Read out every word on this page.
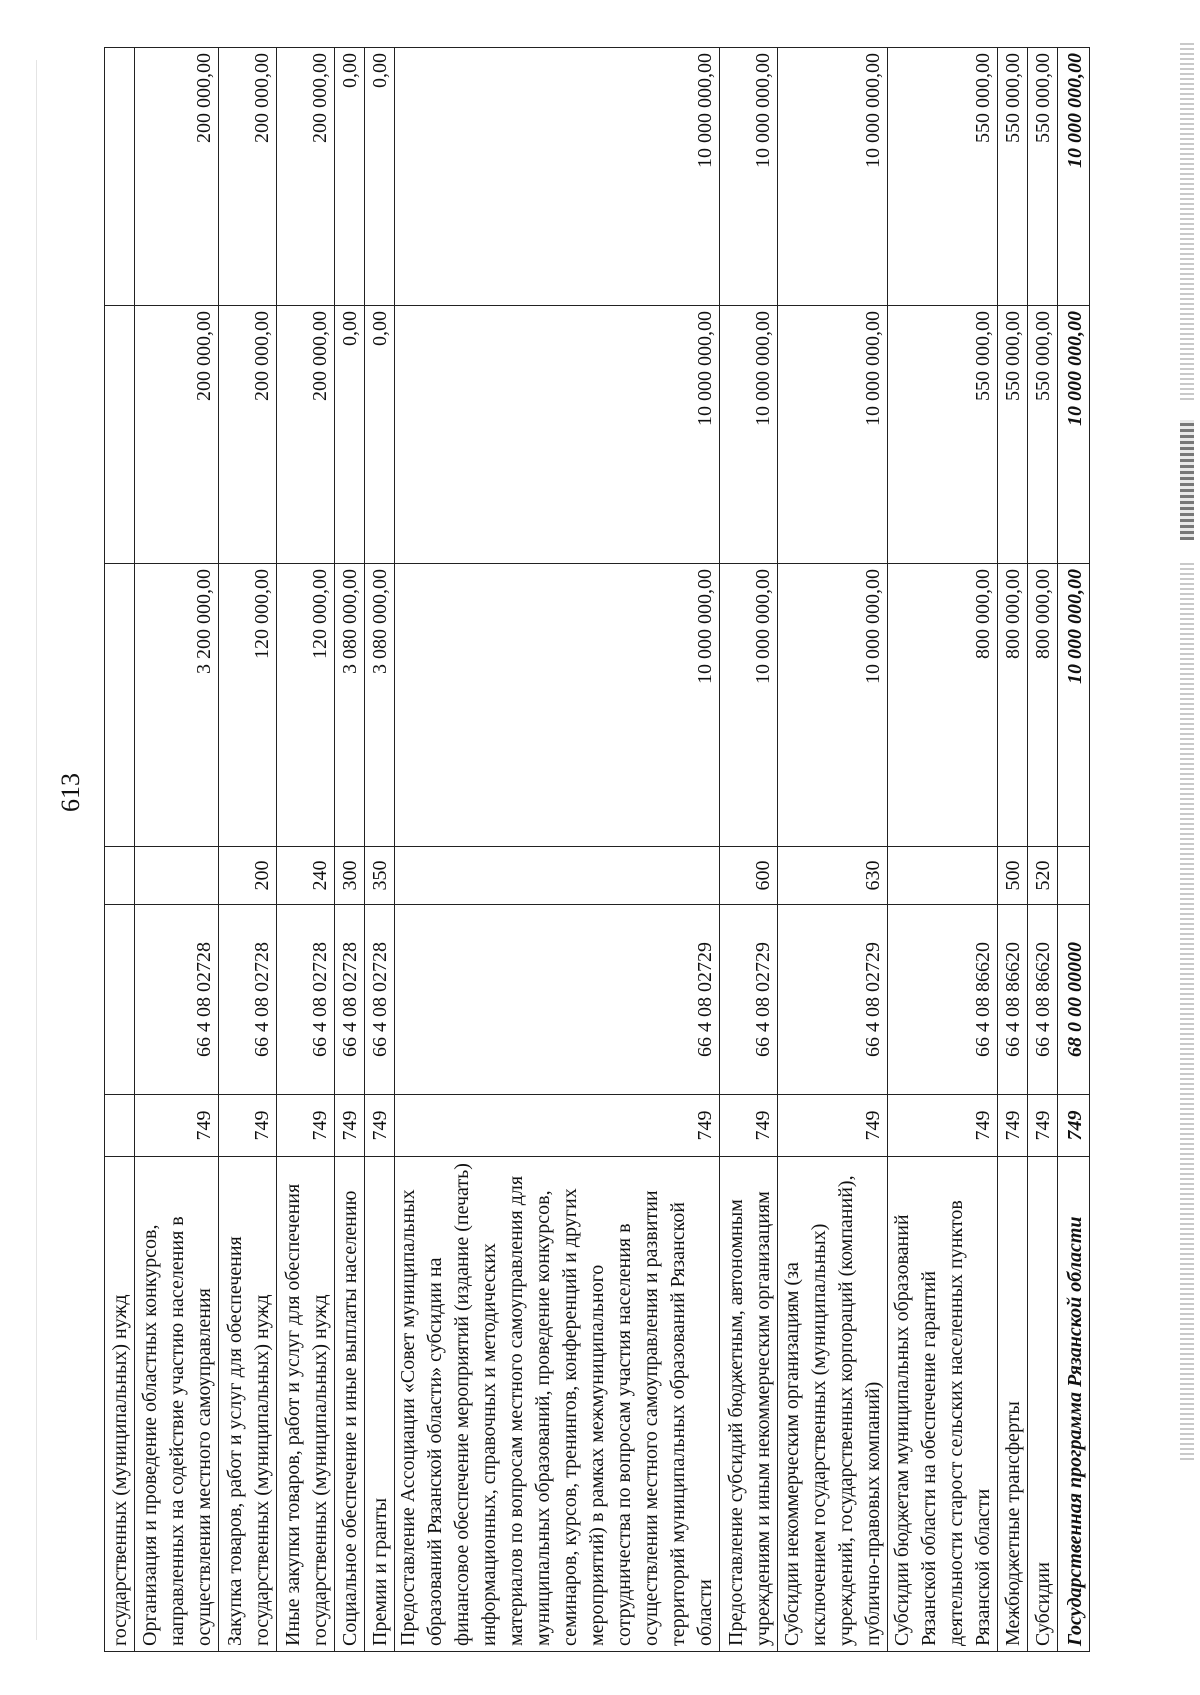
613
государственных (муниципальных) нужд						
Организация и проведение областных конкурсов, направленных на содействие участию населения в осуществлении местного самоуправления	749	66 4 08 02728		3 200 000,00	200 000,00	200 000,00
Закупка товаров, работ и услуг для обеспечения государственных (муниципальных) нужд	749	66 4 08 02728	200	120 000,00	200 000,00	200 000,00
Иные закупки товаров, работ и услуг для обеспечения государственных (муниципальных) нужд	749	66 4 08 02728	240	120 000,00	200 000,00	200 000,00
Социальное обеспечение и иные выплаты населению	749	66 4 08 02728	300	3 080 000,00	0,00	0,00
Премии и гранты	749	66 4 08 02728	350	3 080 000,00	0,00	0,00
Предоставление Ассоциации «Совет муниципальных образований Рязанской области» субсидии на финансовое обеспечение мероприятий (издание (печать) информационных, справочных и методических материалов по вопросам местного самоуправления для муниципальных образований, проведение конкурсов, семинаров, курсов, тренингов, конференций и других мероприятий) в рамках межмуниципального сотрудничества по вопросам участия населения в осуществлении местного самоуправления и развитии территорий муниципальных образований Рязанской области	749	66 4 08 02729		10 000 000,00	10 000 000,00	10 000 000,00
Предоставление субсидий бюджетным, автономным учреждениям и иным некоммерческим организациям	749	66 4 08 02729	600	10 000 000,00	10 000 000,00	10 000 000,00
Субсидии некоммерческим организациям (за исключением государственных (муниципальных) учреждений, государственных корпораций (компаний), публично-правовых компаний)	749	66 4 08 02729	630	10 000 000,00	10 000 000,00	10 000 000,00
Субсидии бюджетам муниципальных образований Рязанской области на обеспечение гарантий деятельности старост сельских населенных пунктов Рязанской области	749	66 4 08 86620		800 000,00	550 000,00	550 000,00
Межбюджетные трансферты	749	66 4 08 86620	500	800 000,00	550 000,00	550 000,00
Субсидии	749	66 4 08 86620	520	800 000,00	550 000,00	550 000,00
Государственная программа Рязанской области	749	68 0 00 00000		10 000 000,00	10 000 000,00	10 000 000,00
